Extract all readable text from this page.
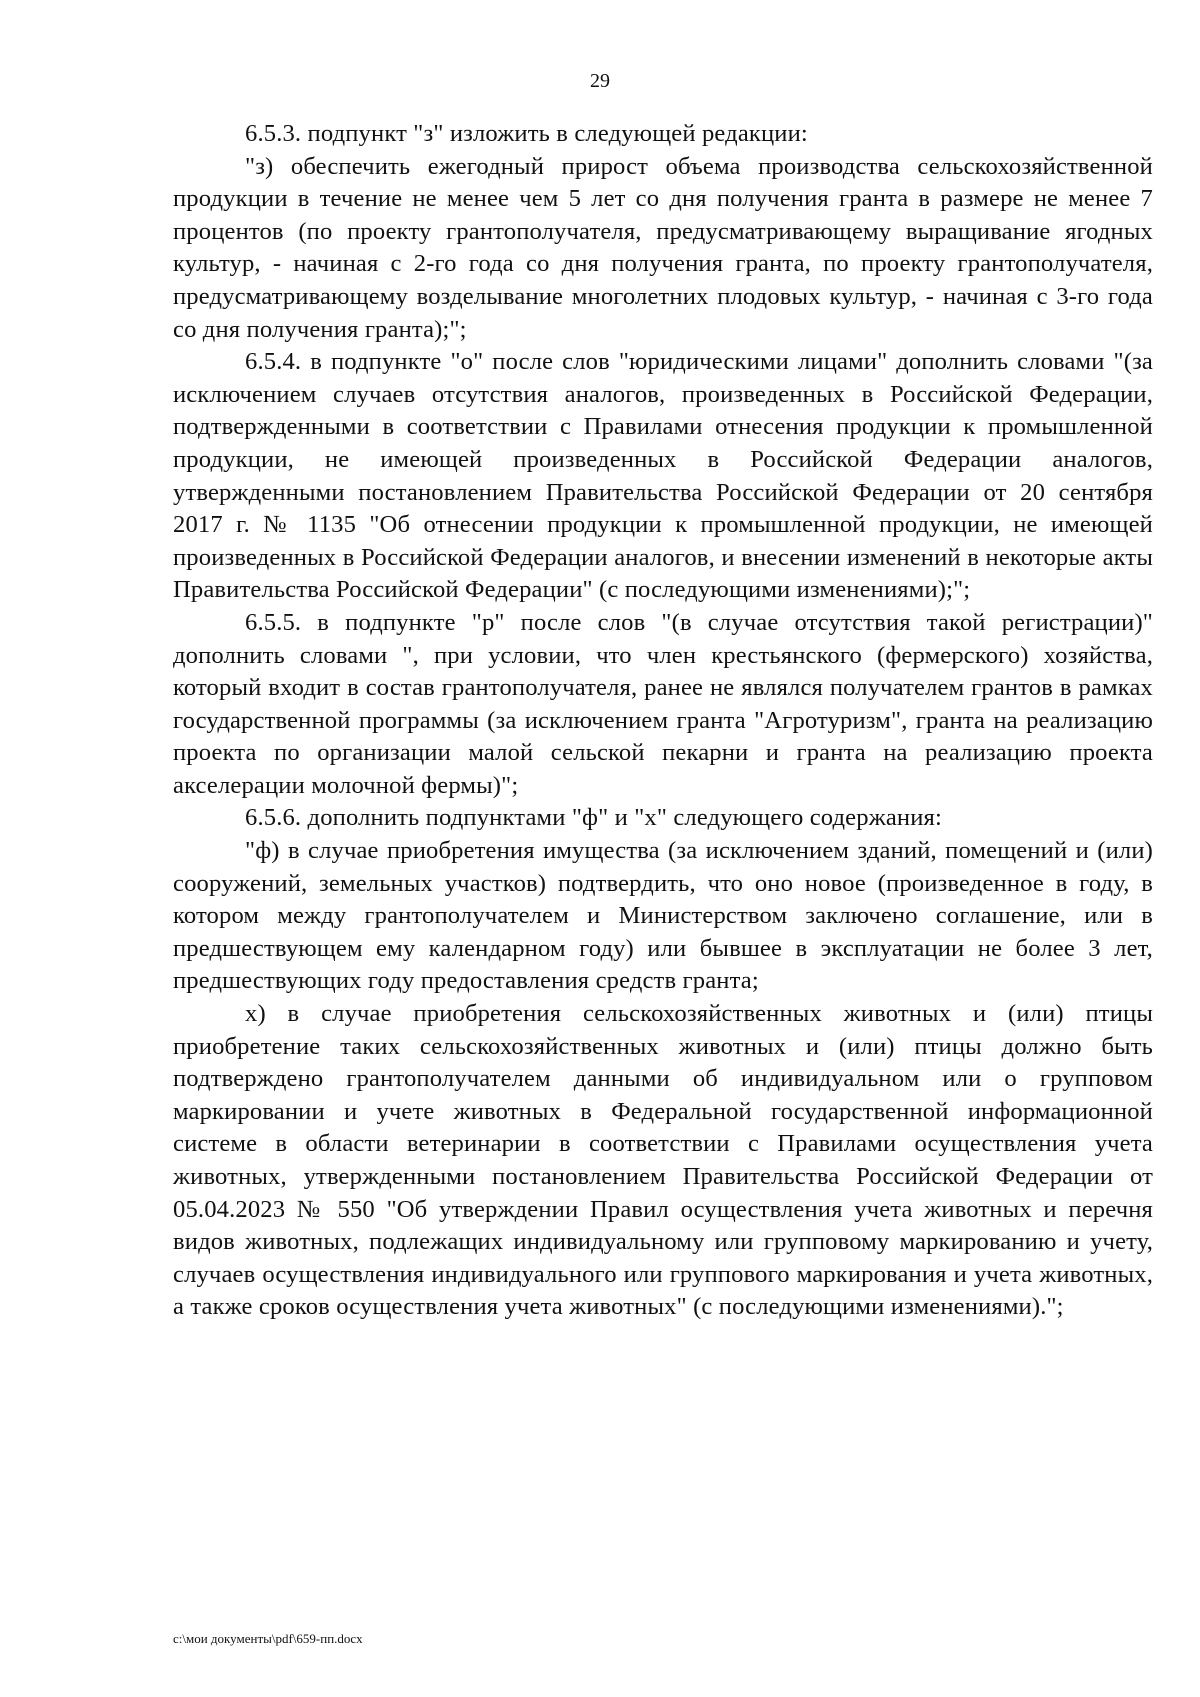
29

6.5.3. подпункт "з" изложить в следующей редакции:

"з) обеспечить ежегодный прирост объема производства сельскохозяйственной продукции в течение не менее чем 5 лет со дня получения гранта в размере не менее 7 процентов (по проекту грантополучателя, предусматривающему выращивание ягодных культур, - начиная с 2-го года со дня получения гранта, по проекту грантополучателя, предусматривающему возделывание многолетних плодовых культур, - начиная с 3-го года со дня получения гранта);";

6.5.4. в подпункте "о" после слов "юридическими лицами" дополнить словами "(за исключением случаев отсутствия аналогов, произведенных в Российской Федерации, подтвержденными в соответствии с Правилами отнесения продукции к промышленной продукции, не имеющей произведенных в Российской Федерации аналогов, утвержденными постановлением Правительства Российской Федерации от 20 сентября 2017 г. № 1135 "Об отнесении продукции к промышленной продукции, не имеющей произведенных в Российской Федерации аналогов, и внесении изменений в некоторые акты Правительства Российской Федерации" (с последующими изменениями);";

6.5.5. в подпункте "р" после слов "(в случае отсутствия такой регистрации)" дополнить словами ", при условии, что член крестьянского (фермерского) хозяйства, который входит в состав грантополучателя, ранее не являлся получателем грантов в рамках государственной программы (за исключением гранта "Агротуризм", гранта на реализацию проекта по организации малой сельской пекарни и гранта на реализацию проекта акселерации молочной фермы)";

6.5.6. дополнить подпунктами "ф" и "х" следующего содержания:

"ф) в случае приобретения имущества (за исключением зданий, помещений и (или) сооружений, земельных участков) подтвердить, что оно новое (произведенное в году, в котором между грантополучателем и Министерством заключено соглашение, или в предшествующем ему календарном году) или бывшее в эксплуатации не более 3 лет, предшествующих году предоставления средств гранта;

х) в случае приобретения сельскохозяйственных животных и (или) птицы приобретение таких сельскохозяйственных животных и (или) птицы должно быть подтверждено грантополучателем данными об индивидуальном или о групповом маркировании и учете животных в Федеральной государственной информационной системе в области ветеринарии в соответствии с Правилами осуществления учета животных, утвержденными постановлением Правительства Российской Федерации от 05.04.2023 № 550 "Об утверждении Правил осуществления учета животных и перечня видов животных, подлежащих индивидуальному или групповому маркированию и учету, случаев осуществления индивидуального или группового маркирования и учета животных, а также сроков осуществления учета животных" (с последующими изменениями).";

c:\мои документы\pdf\659-пп.docx
